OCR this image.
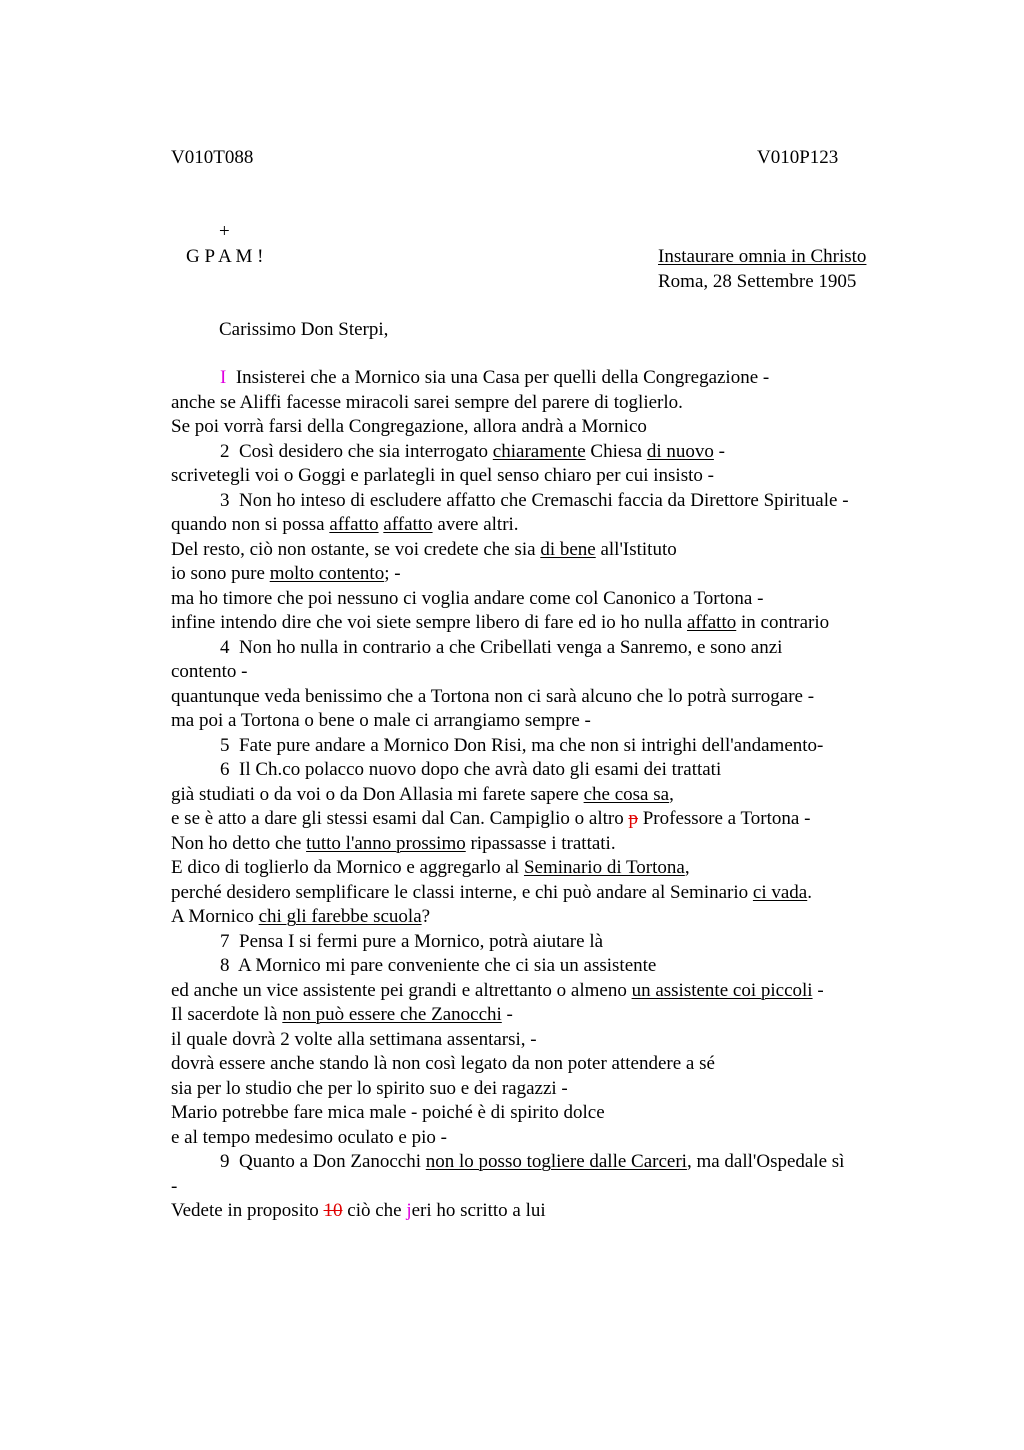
V010T088	V010P123
+
G P A M !	Instaurare omnia in Christo
Roma, 28 Settembre 1905
Carissimo Don Sterpi,
I  Insisterei che a Mornico sia una Casa per quelli della Congregazione -
anche se Aliffi facesse miracoli sarei sempre del parere di toglierlo.
Se poi vorrà farsi della Congregazione, allora andrà a Mornico
2  Così desidero che sia interrogato chiaramente Chiesa di nuovo -
scrivetegli voi o Goggi e parlategli in quel senso chiaro per cui insisto -
3  Non ho inteso di escludere affatto che Cremaschi faccia da Direttore Spirituale -
quando non si possa affatto affatto avere altri.
Del resto, ciò non ostante, se voi credete che sia di bene all'Istituto
io sono pure molto contento; -
ma ho timore che poi nessuno ci voglia andare come col Canonico a Tortona -
infine intendo dire che voi siete sempre libero di fare ed io ho nulla affatto in contrario
4  Non ho nulla in contrario a che Cribellati venga a Sanremo, e sono anzi
contento -
quantunque veda benissimo che a Tortona non ci sarà alcuno che lo potrà surrogare -
ma poi a Tortona o bene o male ci arrangiamo sempre -
5  Fate pure andare a Mornico Don Risi, ma che non si intrighi dell'andamento-
6  Il Ch.co polacco nuovo dopo che avrà dato gli esami dei trattati
già studiati o da voi o da Don Allasia mi farete sapere che cosa sa,
e se è atto a dare gli stessi esami dal Can. Campiglio o altro p Professore a Tortona -
Non ho detto che tutto l'anno prossimo ripassasse i trattati.
E dico di toglierlo da Mornico e aggregarlo al Seminario di Tortona,
perché desidero semplificare le classi interne, e chi può andare al Seminario ci vada.
A Mornico chi gli farebbe scuola?
7  Pensa I si fermi pure a Mornico, potrà aiutare là
8  A Mornico mi pare conveniente che ci sia un assistente
ed anche un vice assistente pei grandi e altrettanto o almeno un assistente coi piccoli -
Il sacerdote là non può essere che Zanocchi -
il quale dovrà 2 volte alla settimana assentarsi, -
dovrà essere anche stando là non così legato da non poter attendere a sé
sia per lo studio che per lo spirito suo e dei ragazzi -
Mario potrebbe fare mica male - poiché è di spirito dolce
e al tempo medesimo oculato e pio -
9  Quanto a Don Zanocchi non lo posso togliere dalle Carceri, ma dall'Ospedale sì
-
Vedete in proposito 10 ciò che jeri ho scritto a lui
